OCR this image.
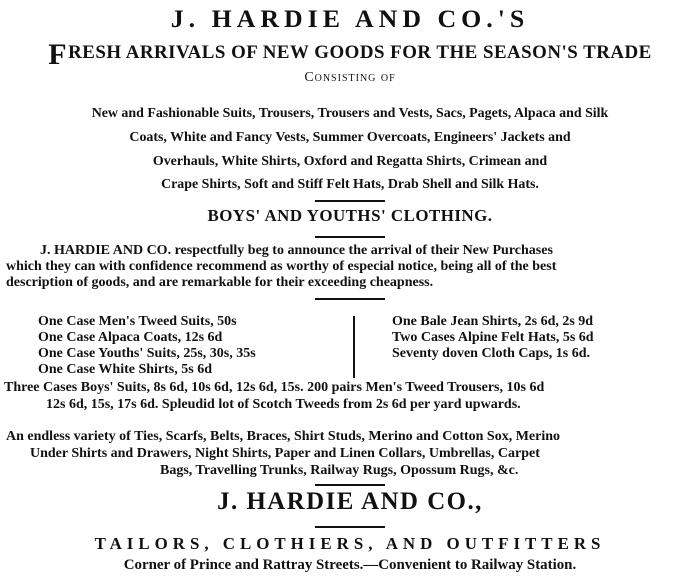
J. HARDIE AND CO.'S
FRESH ARRIVALS OF NEW GOODS FOR THE SEASON'S TRADE
Consisting of
New and Fashionable Suits, Trousers, Trousers and Vests, Sacs, Pagets, Alpaca and Silk
Coats, White and Fancy Vests, Summer Overcoats, Engineers' Jackets and
Overhauls, White Shirts, Oxford and Regatta Shirts, Crimean and
Crape Shirts, Soft and Stiff Felt Hats, Drab Shell and Silk Hats.
BOYS' AND YOUTHS' CLOTHING.
J. HARDIE AND CO. respectfully beg to announce the arrival of their New Purchases
which they can with confidence recommend as worthy of especial notice, being all of the best
description of goods, and are remarkable for their exceeding cheapness.
One Case Men's Tweed Suits, 50s
One Case Alpaca Coats, 12s 6d
One Case Youths' Suits, 25s, 30s, 35s
One Case White Shirts, 5s 6d
One Bale Jean Shirts, 2s 6d, 2s 9d
Two Cases Alpine Felt Hats, 5s 6d
Seventy doven Cloth Caps, 1s 6d.
Three Cases Boys' Suits, 8s 6d, 10s 6d, 12s 6d, 15s. 200 pairs Men's Tweed Trousers, 10s 6d
12s 6d, 15s, 17s 6d. Spleudid lot of Scotch Tweeds from 2s 6d per yard upwards.
An endless variety of Ties, Scarfs, Belts, Braces, Shirt Studs, Merino and Cotton Sox, Merino
Under Shirts and Drawers, Night Shirts, Paper and Linen Collars, Umbrellas, Carpet
Bags, Travelling Trunks, Railway Rugs, Opossum Rugs, &c.
J. HARDIE AND CO.,
TAILORS, CLOTHIERS, AND OUTFITTERS
Corner of Prince and Rattray Streets.—Convenient to Railway Station.
